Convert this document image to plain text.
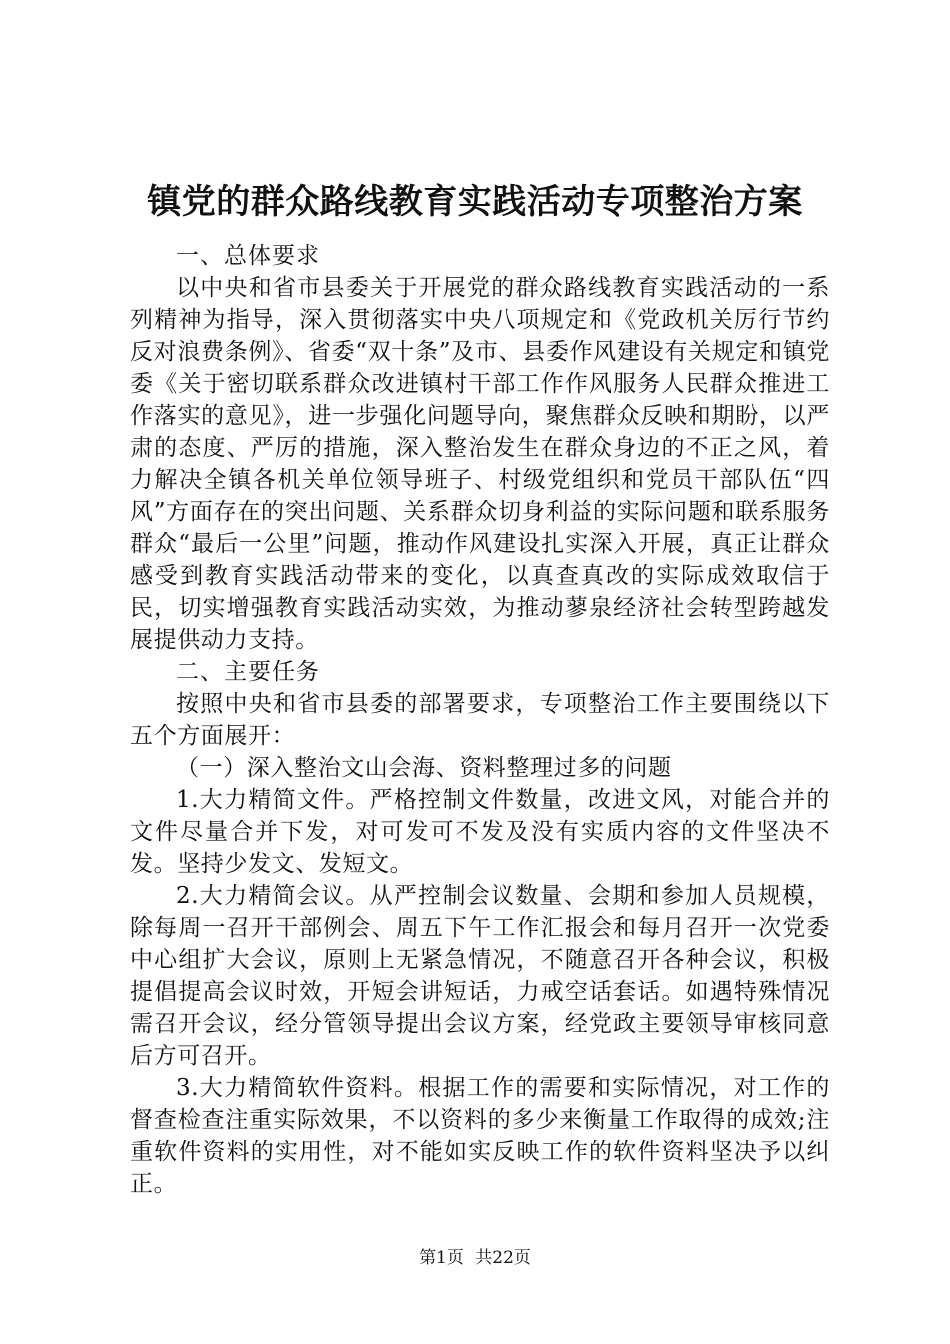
镇党的群众路线教育实践活动专项整治方案

一、总体要求

以中央和省市县委关于开展党的群众路线教育实践活动的一系列精神为指导，深入贯彻落实中央八项规定和《党政机关厉行节约反对浪费条例》、省委“双十条”及市、县委作风建设有关规定和镇党委《关于密切联系群众改进镇村干部工作作风服务人民群众推进工作落实的意见》，进一步强化问题导向，聚焦群众反映和期盼，以严肃的态度、严厉的措施，深入整治发生在群众身边的不正之风，着力解决全镇各机关单位领导班子、村级党组织和党员干部队伍“四风”方面存在的突出问题、关系群众切身利益的实际问题和联系服务群众“最后一公里”问题，推动作风建设扎实深入开展，真正让群众感受到教育实践活动带来的变化，以真查真改的实际成效取信于民，切实增强教育实践活动实效，为推动蓼泉经济社会转型跨越发展提供动力支持。

二、主要任务

按照中央和省市县委的部署要求，专项整治工作主要围绕以下五个方面展开：

（一）深入整治文山会海、资料整理过多的问题

1.大力精简文件。严格控制文件数量，改进文风，对能合并的文件尽量合并下发，对可发可不发及没有实质内容的文件坚决不发。坚持少发文、发短文。

2.大力精简会议。从严控制会议数量、会期和参加人员规模，除每周一召开干部例会、周五下午工作汇报会和每月召开一次党委中心组扩大会议，原则上无紧急情况，不随意召开各种会议，积极提倡提高会议时效，开短会讲短话，力戒空话套话。如遇特殊情况需召开会议，经分管领导提出会议方案，经党政主要领导审核同意后方可召开。

3.大力精简软件资料。根据工作的需要和实际情况，对工作的督查检查注重实际效果，不以资料的多少来衡量工作取得的成效;注重软件资料的实用性，对不能如实反映工作的软件资料坚决予以纠正。

第1页 共22页
